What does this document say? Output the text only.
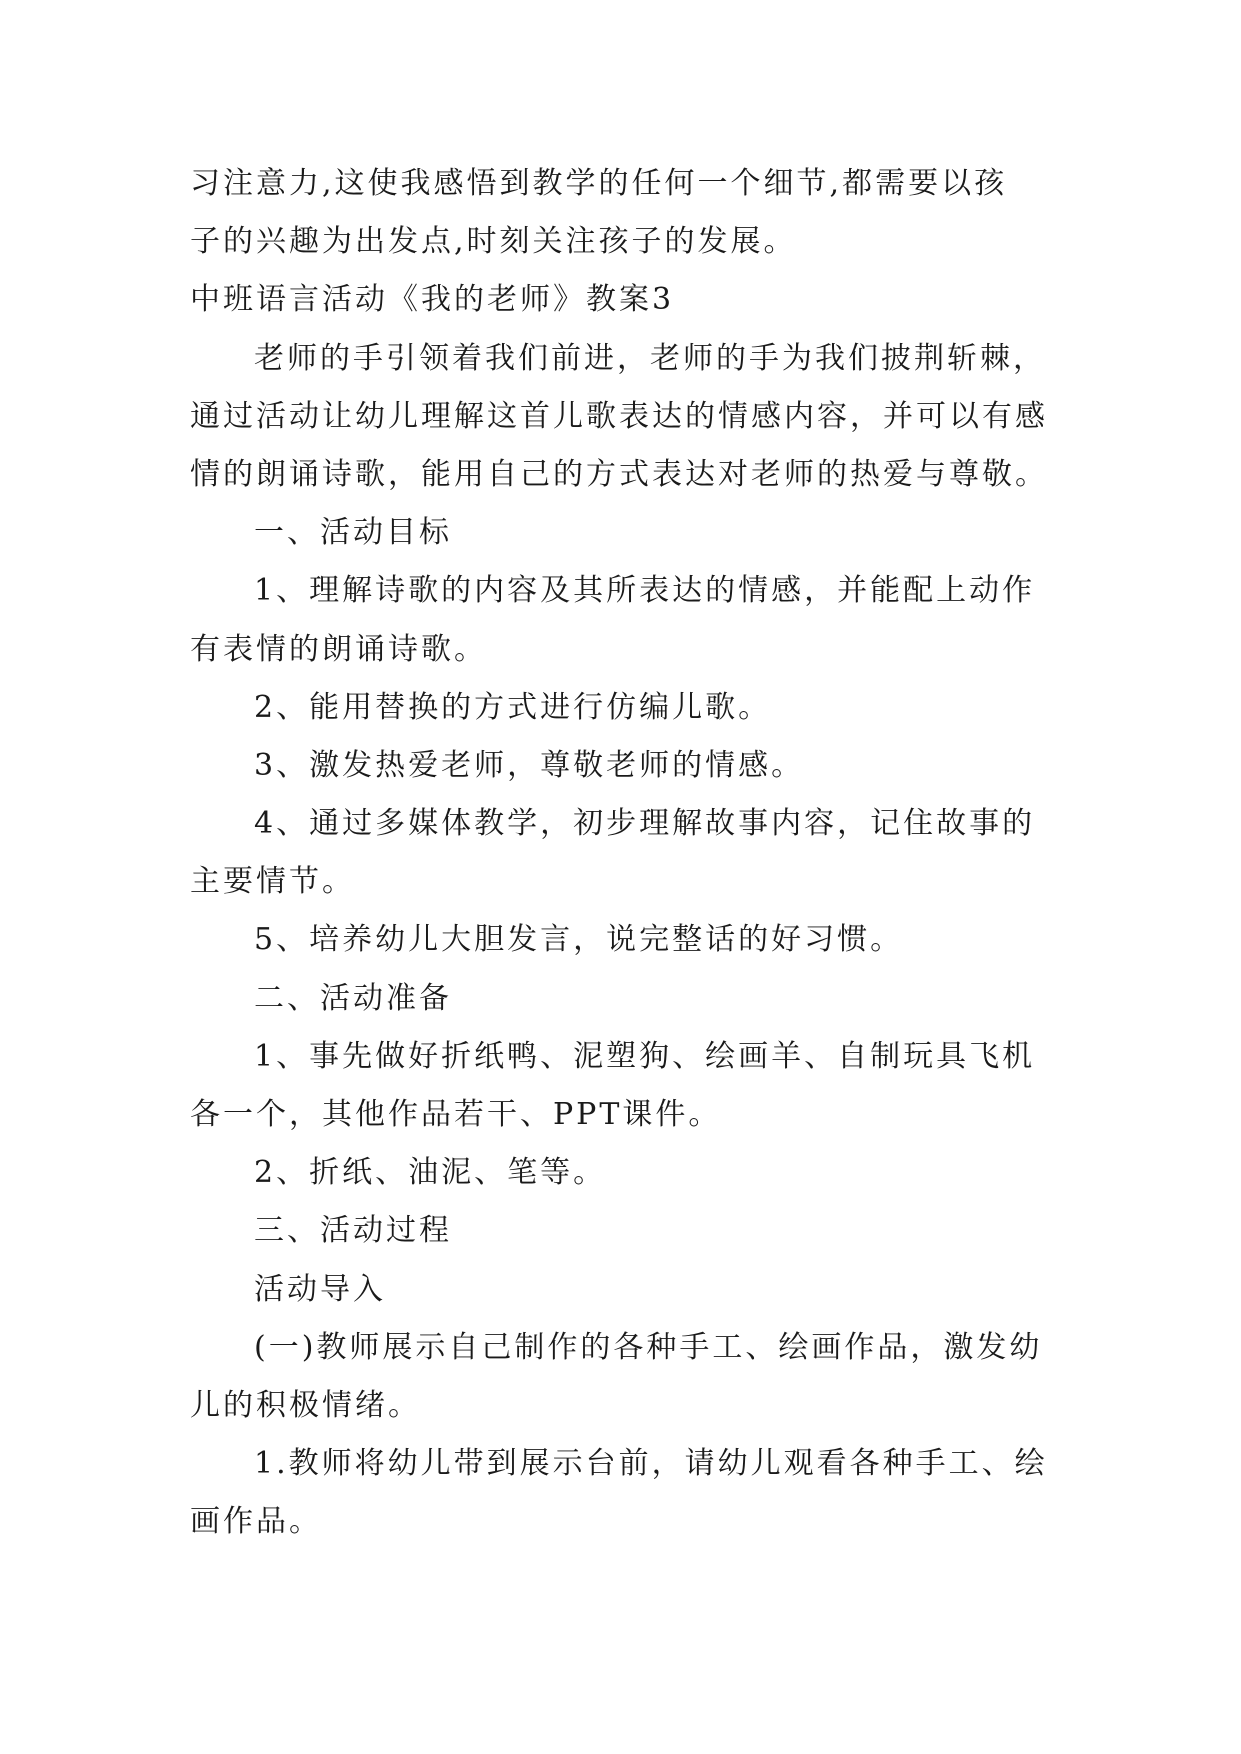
习注意力,这使我感悟到教学的任何一个细节,都需要以孩
子的兴趣为出发点,时刻关注孩子的发展。
中班语言活动《我的老师》教案3
老师的手引领着我们前进，老师的手为我们披荆斩棘，
通过活动让幼儿理解这首儿歌表达的情感内容，并可以有感
情的朗诵诗歌，能用自己的方式表达对老师的热爱与尊敬。
一、活动目标
1、理解诗歌的内容及其所表达的情感，并能配上动作
有表情的朗诵诗歌。
2、能用替换的方式进行仿编儿歌。
3、激发热爱老师，尊敬老师的情感。
4、通过多媒体教学，初步理解故事内容，记住故事的
主要情节。
5、培养幼儿大胆发言，说完整话的好习惯。
二、活动准备
1、事先做好折纸鸭、泥塑狗、绘画羊、自制玩具飞机
各一个，其他作品若干、PPT课件。
2、折纸、油泥、笔等。
三、活动过程
活动导入
(一)教师展示自己制作的各种手工、绘画作品，激发幼
儿的积极情绪。
1.教师将幼儿带到展示台前，请幼儿观看各种手工、绘
画作品。
